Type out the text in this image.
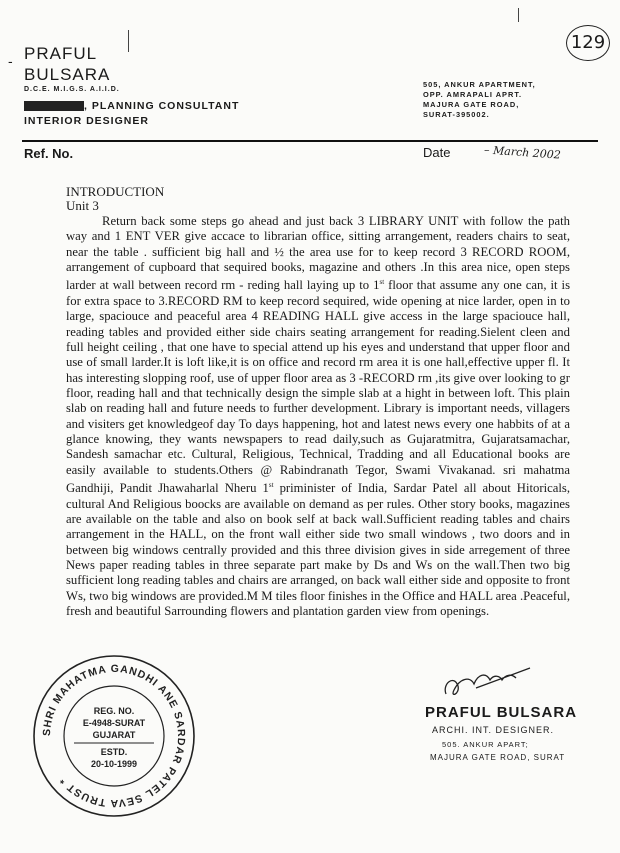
129
PRAFUL
BULSARA
-
D.C.E. M.I.G.S. A.I.I.D.
, PLANNING CONSULTANT
INTERIOR DESIGNER
505, ANKUR APARTMENT,
OPP. AMRAPALI APRT.
MAJURA GATE ROAD,
SURAT-395002.
Ref. No.	Date	– March 2002
INTRODUCTION
Unit 3

Return back some steps go ahead and just back 3 LIBRARY UNIT with follow the path way and 1 ENT VER give accace to librarian office, sitting arrangement, readers chairs to seat, near the table . sufficient big hall and ½ the area use for to keep record 3 RECORD ROOM, arrangement of cupboard that sequired books, magazine and others .In this area nice, open steps larder at wall between record rm - reding hall laying up to 1st floor that assume any one can, it is for extra space to 3.RECORD RM to keep record sequired, wide opening at nice larder, open in to large, spaciouce and peaceful area 4 READING HALL give access in the large spaciouce hall, reading tables and provided either side chairs seating arrangement for reading.Sielent cleen and full height ceiling , that one have to special attend up his eyes and understand that upper floor and use of small larder.It is loft like,it is on office and record rm area it is one hall,effective upper fl. It has interesting slopping roof, use of upper floor area as 3 -RECORD rm ,its give over looking to gr floor, reading hall and that technically design the simple slab at a hight in between loft. This plain slab on reading hall and future needs to further development. Library is important needs, villagers and visiters get knowledgeof day To days happening, hot and latest news every one habbits of at a glance knowing, they wants newspapers to read daily,such as Gujaratmitra, Gujaratsamachar, Sandesh samachar etc. Cultural, Religious, Technical, Tradding and all Educational books are easily available to students.Others @ Rabindranath Tegor, Swami Vivakanad. sri mahatma Gandhiji, Pandit Jhawaharlal Nheru 1st priminister of India, Sardar Patel all about Hitoricals, cultural And Religious boocks are available on demand as per rules. Other story books, magazines are available on the table and also on book self at back wall.Sufficient reading tables and chairs arrangement in the HALL, on the front wall either side two small windows , two doors and in between big windows centrally provided and this three division gives in side arregement of three News paper reading tables in three separate part make by Ds and Ws on the wall.Then two big sufficient long reading tables and chairs are arranged, on back wall either side and opposite to front Ws, two big windows are provided.M M tiles floor finishes in the Office and HALL area .Peaceful, fresh and beautiful Sarrounding flowers and plantation garden view from openings.

SHRI MAHATMA GANDHI ANE SARDAR PATEL SEVA TRUST *
REG. NO.
E-4948-SURAT
GUJARAT
ESTD.
20-10-1999
PRAFUL BULSARA
ARCHI. INT. DESIGNER.
505. ANKUR APART;
MAJURA GATE ROAD, SURAT
